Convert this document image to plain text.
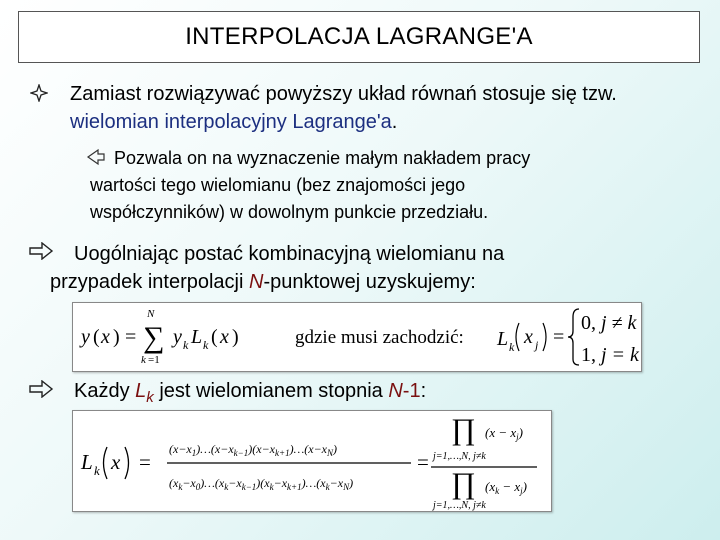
INTERPOLACJA LAGRANGE'A
Zamiast rozwiązywać powyższy układ równań stosuje się tzw. wielomian interpolacyjny Lagrange'a.
Pozwala on na wyznaczenie małym nakładem pracy
wartości tego wielomianu (bez znajomości jego
współczynników) w dowolnym punkcie przedziału.
Uogólniając postać kombinacyjną wielomianu na
przypadek interpolacji N-punktowej uzyskujemy:
y ( x ) = ∑
N
k =1
y k L k ( x )	gdzie musi zachodzić: L k x j =
0, j ≠ k
1, j = k
Każdy $L_k$ jest wielomianem stopnia N-1:
L k x =
$(x-x_1)\dots(x-x_{k-1})(x-x_{k+1})\dots(x-x_N)$
$(x_k-x_0)\dots(x_k-x_{k-1})(x_k-x_{k+1})\dots(x_k-x_N)$
=
∏
j=1,…,N, j≠k
$(x - x_j)$
∏
j=1,…,N, j≠k
$(x_k - x_j)$
